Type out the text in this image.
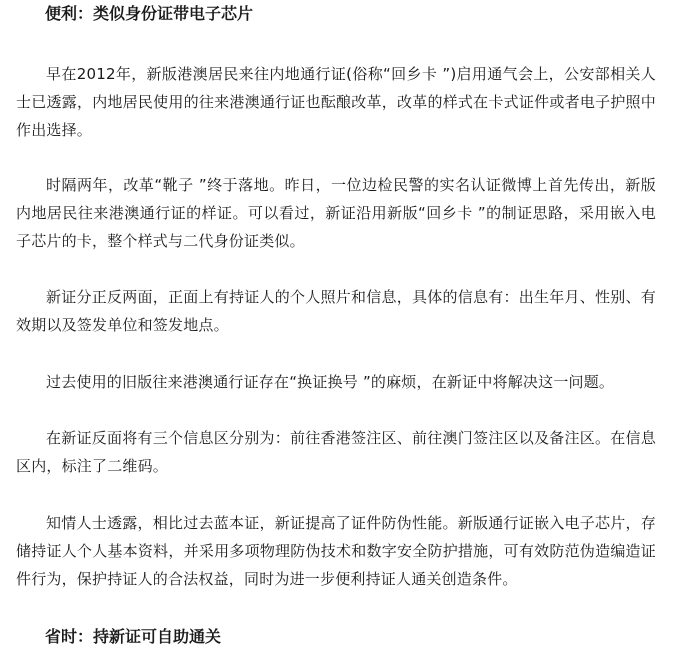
便利：类似身份证带电子芯片

早在2012年，新版港澳居民来往内地通行证(俗称“回乡卡 ”)启用通气会上，公安部相关人士已透露，内地居民使用的往来港澳通行证也酝酿改革，改革的样式在卡式证件或者电子护照中作出选择。

时隔两年，改革“靴子 ”终于落地。昨日，一位边检民警的实名认证微博上首先传出，新版内地居民往来港澳通行证的样证。可以看过，新证沿用新版“回乡卡 ”的制证思路，采用嵌入电子芯片的卡，整个样式与二代身份证类似。

新证分正反两面，正面上有持证人的个人照片和信息，具体的信息有：出生年月、性别、有效期以及签发单位和签发地点。

过去使用的旧版往来港澳通行证存在“换证换号 ”的麻烦，在新证中将解决这一问题。

在新证反面将有三个信息区分别为：前往香港签注区、前往澳门签注区以及备注区。在信息区内，标注了二维码。

知情人士透露，相比过去蓝本证，新证提高了证件防伪性能。新版通行证嵌入电子芯片，存储持证人个人基本资料，并采用多项物理防伪技术和数字安全防护措施，可有效防范伪造编造证件行为，保护持证人的合法权益，同时为进一步便利持证人通关创造条件。

省时：持新证可自助通关
